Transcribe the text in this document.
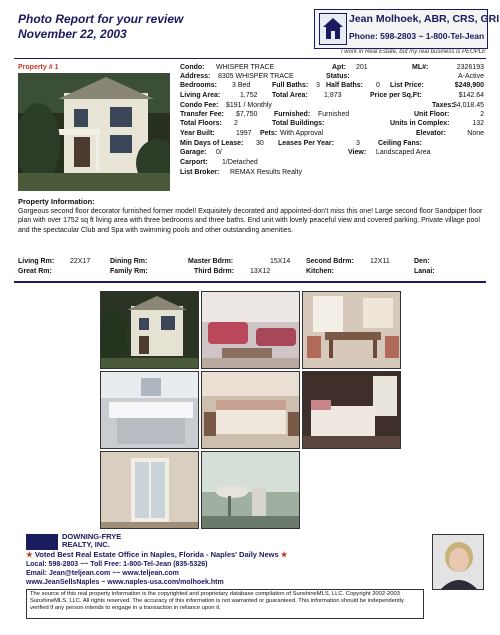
Photo Report for your review
November 22, 2003
Jean Molhoek, ABR, CRS, GRI
Phone: 598-2803 ~ 1-800-Tel-Jean
I work in Real Estate, but my real business is PEOPLE
Property # 1	Condo: WHISPER TRACE	Apt: 201	ML#:	2326193
Address: 8305 WHISPER TRACE	Status:	A-Active
Bedrooms: 3 Bed	Full Baths: 3 Half Baths: 0 List Price:	$249,900
Living Area:	1,752 Total Area: 1,873	Price per Sq.Ft:	$142.64
Condo Fee: $191 / Monthly	Taxes: $4,018.45
Transfer Fee: $7,750 Furnished: Furnished	Unit Floor:	2
Total Floors: 2	Total Buildings:	Units in Complex:	132
Year Built:	1997 Pets: With Approval	Elevator:	None
Min Days of Lease: 30 Leases Per Year:	3	Ceiling Fans:
Garage: 0/	View: Landscaped Area
Carport: 1/Detached
List Broker: REMAX Results Realty
Property Information:
Gorgeous second floor decorator furnished former model! Exquisitely decorated and appointed-don't miss this one! Large second floor Sandpiper floor plan with over 1752 sq ft living area with three bedrooms and three baths. End unit with lovely peaceful view and covered parking. Private village pool and the spectacular Club and Spa with swimming pools and other outstanding amenities.
Living Rm: 22X17	Dining Rm:	Master Bdrm:	15X14 Second Bdrm: 12X11	Den:
Great Rm:	Family Rm:	Third Bdrm: 13X12	Kitchen:	Lanai:
DOWNING-FRYE
REALTY, INC.
★ Voted Best Real Estate Office in Naples, Florida - Naples' Daily News ★
Local: 598-2803 ~~ Toll Free: 1-800-Tel-Jean (835-5326)
Email: Jean@teljean.com ~~ www.teljean.com
www.JeanSellsNaples ~ www.naples-usa.com/molhoek.htm
The source of this real property information is the copyrighted and proprietary database compilation of SunshineMLS, LLC. Copyright 2002-2003 SunshineMLS, LLC. All rights reserved. The accuracy of this information is not warranted or guaranteed. This information should be independently verified if any person intends to engage in a transaction in reliance upon it.
